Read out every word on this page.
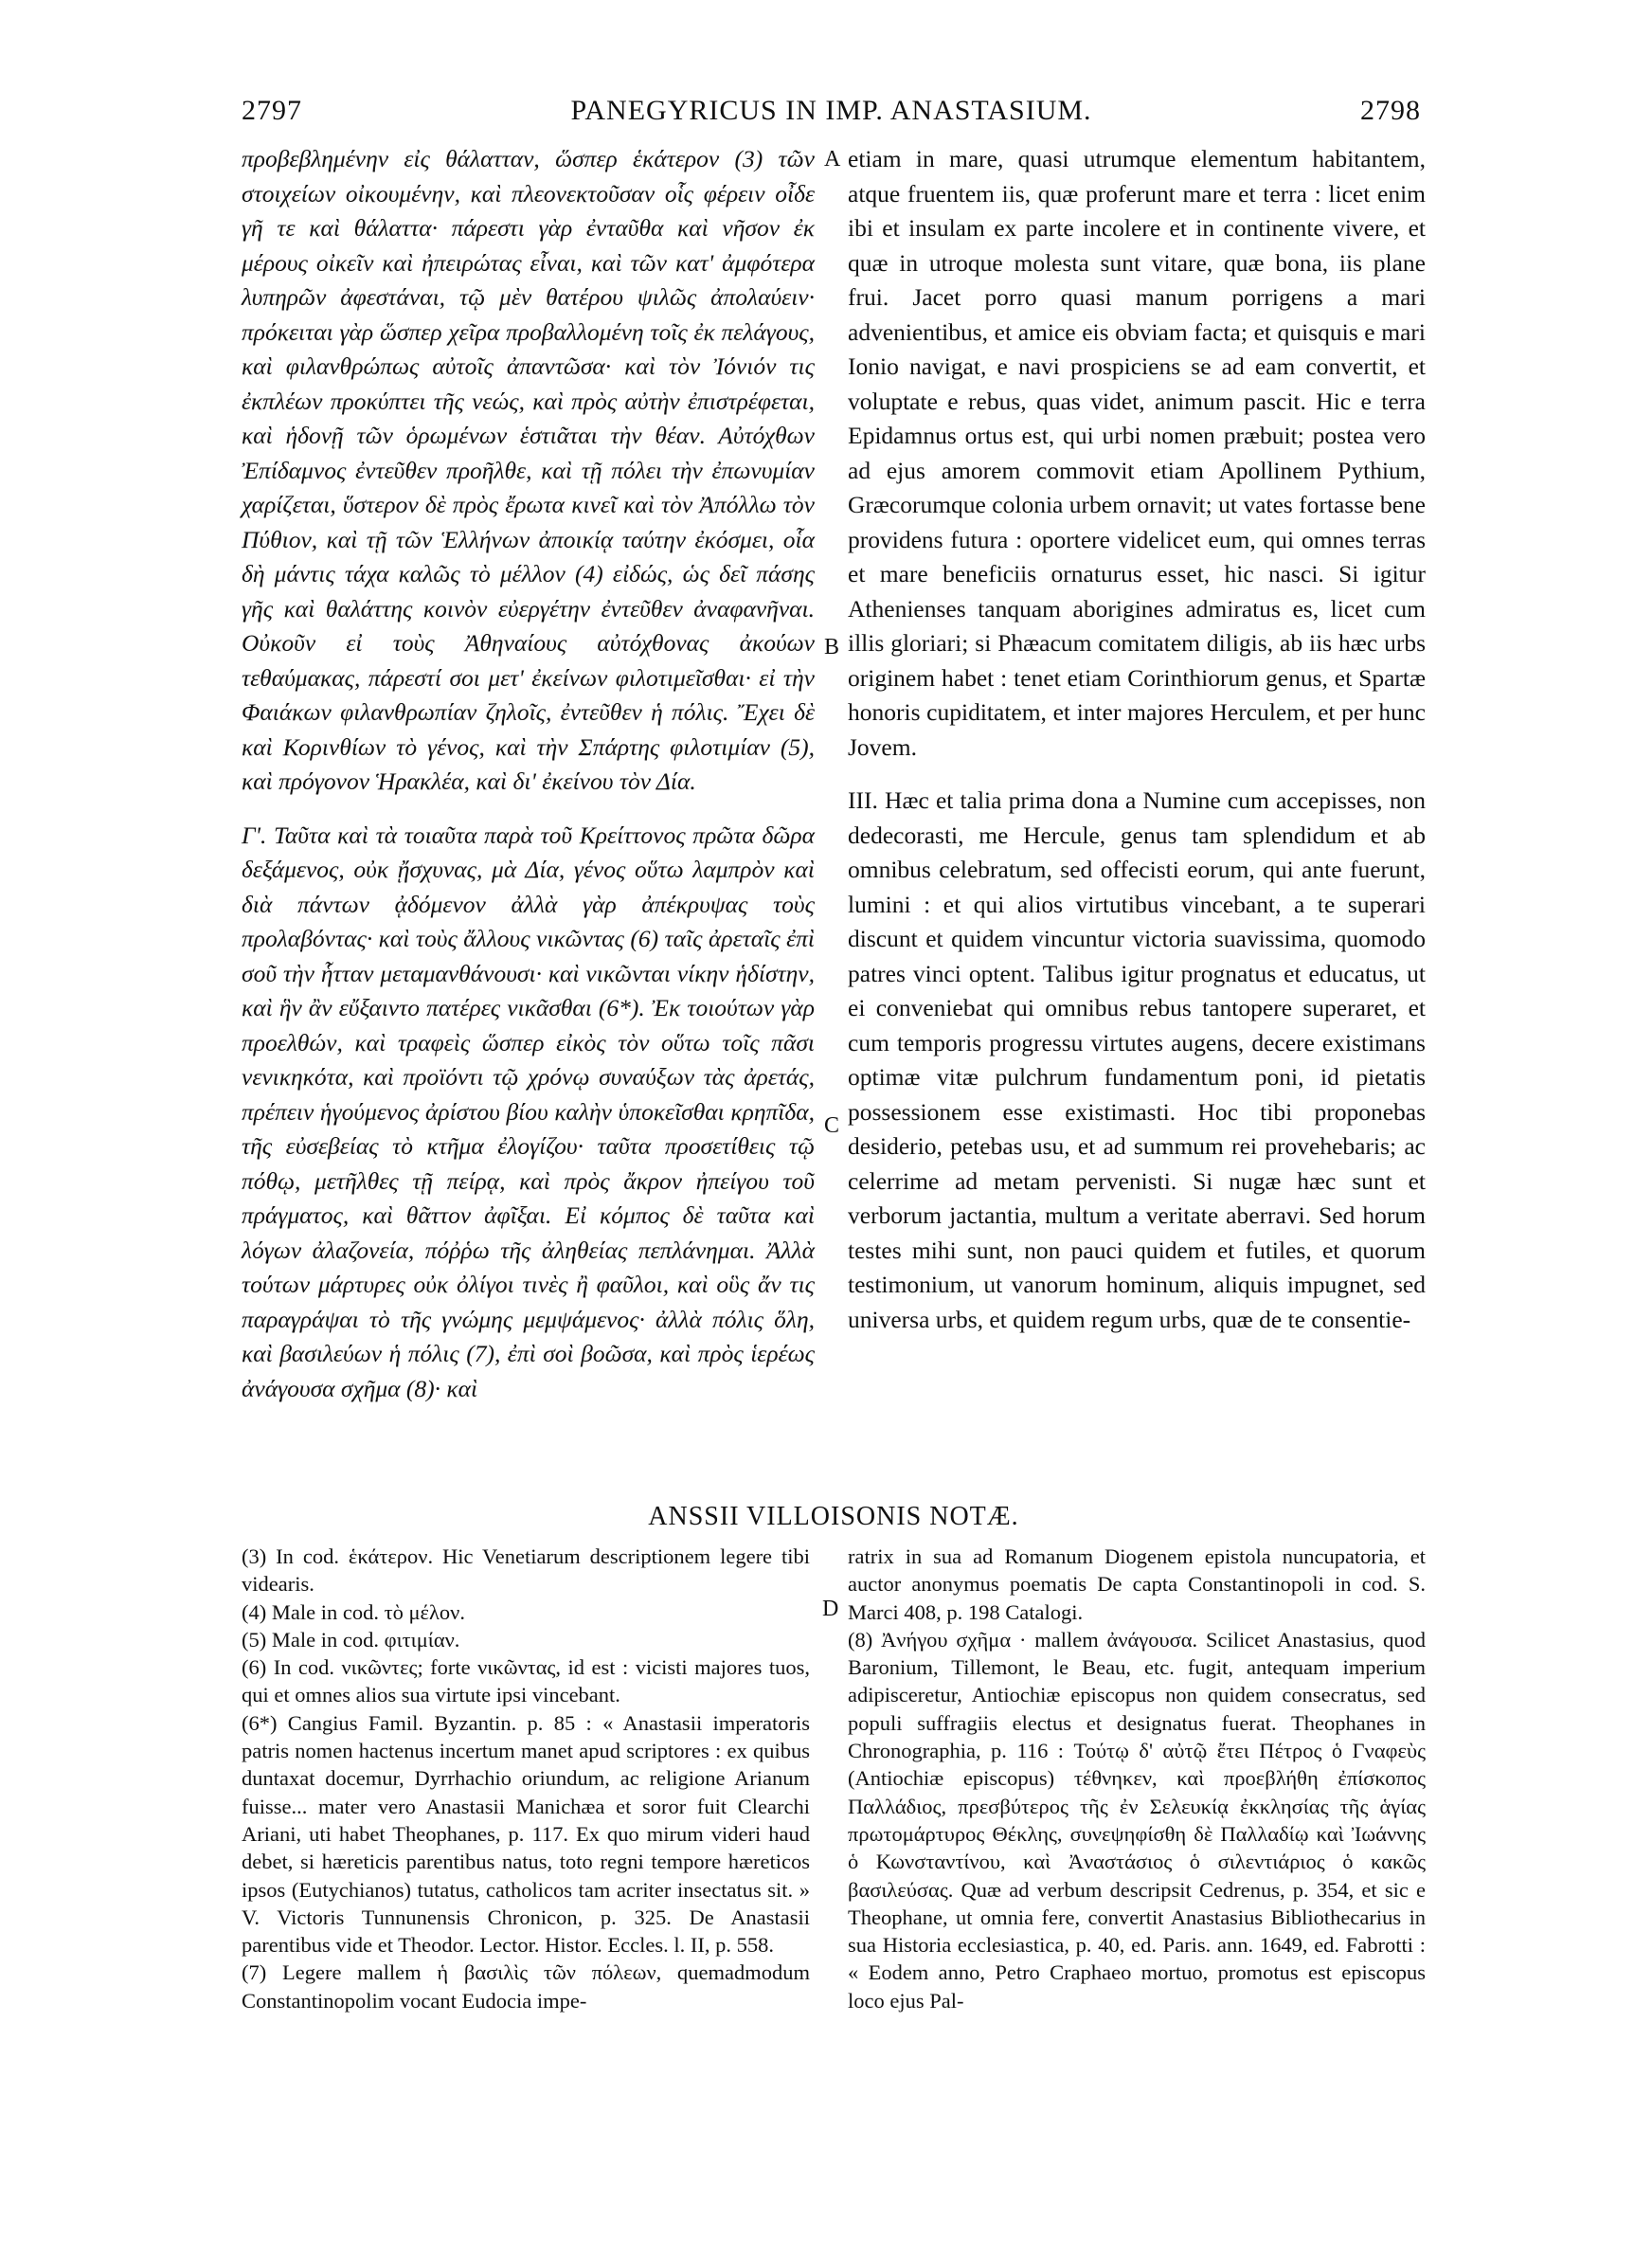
2797	PANEGYRICUS IN IMP. ANASTASIUM.	2798

προβεβλημένην εἰς θάλατταν, ὥσπερ ἑκάτερον (3) τῶν στοιχείων οἰκουμένην, καὶ πλεονεκτοῦσαν οἷς φέρειν οἶδε γῆ τε καὶ θάλαττα· πάρεστι γὰρ ἐνταῦθα καὶ νῆσον ἐκ μέρους οἰκεῖν καὶ ἠπειρώτας εἶναι, καὶ τῶν κατ' ἀμφότερα λυπηρῶν ἀφεστάναι, τῷ μὲν θατέρου ψιλῶς ἀπολαύειν· πρόκειται γὰρ ὥσπερ χεῖρα προβαλλομένη τοῖς ἐκ πελάγους, καὶ φιλανθρώπως αὐτοῖς ἀπαντῶσα· καὶ τὸν Ἰόνιόν τις ἐκπλέων προκύπτει τῆς νεώς, καὶ πρὸς αὐτὴν ἐπιστρέφεται, καὶ ἡδονῇ τῶν ὁρωμένων ἑστιᾶται τὴν θέαν. Αὐτόχθων Ἐπίδαμνος ἐντεῦθεν προῆλθε, καὶ τῇ πόλει τὴν ἐπωνυμίαν χαρίζεται, ὕστερον δὲ πρὸς ἔρωτα κινεῖ καὶ τὸν Ἀπόλλω τὸν Πύθιον, καὶ τῇ τῶν Ἑλλήνων ἀποικίᾳ ταύτην ἐκόσμει, οἷα δὴ μάντις τάχα καλῶς τὸ μέλλον (4) εἰδώς, ὡς δεῖ πάσης γῆς καὶ θαλάττης κοινὸν εὐεργέτην ἐντεῦθεν ἀναφανῆναι. Οὐκοῦν εἰ τοὺς Ἀθηναίους αὐτόχθονας ἀκούων τεθαύμακας, πάρεστί σοι μετ' ἐκείνων φιλοτιμεῖσθαι· εἰ τὴν Φαιάκων φιλανθρωπίαν ζηλοῖς, ἐντεῦθεν ἡ πόλις. Ἔχει δὲ καὶ Κορινθίων τὸ γένος, καὶ τὴν Σπάρτης φιλοτιμίαν (5), καὶ πρόγονον Ἡρακλέα, καὶ δι' ἐκείνου τὸν Δία.

Γʹ. Ταῦτα καὶ τὰ τοιαῦτα παρὰ τοῦ Κρείττονος πρῶτα δῶρα δεξάμενος, οὐκ ᾔσχυνας, μὰ Δία, γένος οὕτω λαμπρὸν καὶ διὰ πάντων ᾀδόμενον ἀλλὰ γὰρ ἀπέκρυψας τοὺς προλαβόντας· καὶ τοὺς ἄλλους νικῶντας (6) ταῖς ἀρεταῖς ἐπὶ σοῦ τὴν ἧτταν μεταμανθάνουσι· καὶ νικῶνται νίκην ἡδίστην, καὶ ἣν ἂν εὔξαιντο πατέρες νικᾶσθαι (6*). Ἐκ τοιούτων γὰρ προελθών, καὶ τραφεὶς ὥσπερ εἰκὸς τὸν οὕτω τοῖς πᾶσι νενικηκότα, καὶ προϊόντι τῷ χρόνῳ συναύξων τὰς ἀρετάς, πρέπειν ἡγούμενος ἀρίστου βίου καλὴν ὑποκεῖσθαι κρηπῖδα, τῆς εὐσεβείας τὸ κτῆμα ἐλογίζου· ταῦτα προσετίθεις τῷ πόθῳ, μετῆλθες τῇ πείρᾳ, καὶ πρὸς ἄκρον ἠπείγου τοῦ πράγματος, καὶ θᾶττον ἀφῖξαι. Εἰ κόμπος δὲ ταῦτα καὶ λόγων ἀλαζονεία, πόῤῥω τῆς ἀληθείας πεπλάνημαι. Ἀλλὰ τούτων μάρτυρες οὐκ ὀλίγοι τινὲς ἢ φαῦλοι, καὶ οὓς ἄν τις παραγράψαι τὸ τῆς γνώμης μεμψάμενος· ἀλλὰ πόλις ὅλη, καὶ βασιλεύων ἡ πόλις (7), ἐπὶ σοὶ βοῶσα, καὶ πρὸς ἱερέως ἀνάγουσα σχῆμα (8)· καὶ

A
B
C
D

etiam in mare, quasi utrumque elementum habitantem, atque fruentem iis, quæ proferunt mare et terra : licet enim ibi et insulam ex parte incolere et in continente vivere, et quæ in utroque molesta sunt vitare, quæ bona, iis plane frui. Jacet porro quasi manum porrigens a mari advenientibus, et amice eis obviam facta; et quisquis e mari Ionio navigat, e navi prospiciens se ad eam convertit, et voluptate e rebus, quas videt, animum pascit. Hic e terra Epidamnus ortus est, qui urbi nomen præbuit; postea vero ad ejus amorem commovit etiam Apollinem Pythium, Græcorumque colonia urbem ornavit; ut vates fortasse bene providens futura : oportere videlicet eum, qui omnes terras et mare beneficiis ornaturus esset, hic nasci. Si igitur Athenienses tanquam aborigines admiratus es, licet cum illis gloriari; si Phæacum comitatem diligis, ab iis hæc urbs originem habet : tenet etiam Corinthiorum genus, et Spartæ honoris cupiditatem, et inter majores Herculem, et per hunc Jovem.

III. Hæc et talia prima dona a Numine cum accepisses, non dedecorasti, me Hercule, genus tam splendidum et ab omnibus celebratum, sed offecisti eorum, qui ante fuerunt, lumini : et qui alios virtutibus vincebant, a te superari discunt et quidem vincuntur victoria suavissima, quomodo patres vinci optent. Talibus igitur prognatus et educatus, ut ei conveniebat qui omnibus rebus tantopere superaret, et cum temporis progressu virtutes augens, decere existimans optimæ vitæ pulchrum fundamentum poni, id pietatis possessionem esse existimasti. Hoc tibi proponebas desiderio, petebas usu, et ad summum rei provehebaris; ac celerrime ad metam pervenisti. Si nugæ hæc sunt et verborum jactantia, multum a veritate aberravi. Sed horum testes mihi sunt, non pauci quidem et futiles, et quorum testimonium, ut vanorum hominum, aliquis impugnet, sed universa urbs, et quidem regum urbs, quæ de te consentie-

ANSSII VILLOISONIS NOTÆ.

(3) In cod. ἑκάτερον. Hic Venetiarum descriptionem legere tibi videaris.

(4) Male in cod. τὸ μέλον.

(5) Male in cod. φιτιμίαν.

(6) In cod. νικῶντες; forte νικῶντας, id est : vicisti majores tuos, qui et omnes alios sua virtute ipsi vincebant.

(6*) Cangius Famil. Byzantin. p. 85 : « Anastasii imperatoris patris nomen hactenus incertum manet apud scriptores : ex quibus duntaxat docemur, Dyrrhachio oriundum, ac religione Arianum fuisse... mater vero Anastasii Manichæa et soror fuit Clearchi Ariani, uti habet Theophanes, p. 117. Ex quo mirum videri haud debet, si hæreticis parentibus natus, toto regni tempore hæreticos ipsos (Eutychianos) tutatus, catholicos tam acriter insectatus sit. » V. Victoris Tunnunensis Chronicon, p. 325. De Anastasii parentibus vide et Theodor. Lector. Histor. Eccles. l. II, p. 558.

(7) Legere mallem ἡ βασιλὶς τῶν πόλεων, quemadmodum Constantinopolim vocant Eudocia impe-

ratrix in sua ad Romanum Diogenem epistola nuncupatoria, et auctor anonymus poematis De capta Constantinopoli in cod. S. Marci 408, p. 198 Catalogi.

(8) Ἀνήγου σχῆμα · mallem ἀνάγουσα. Scilicet Anastasius, quod Baronium, Tillemont, le Beau, etc. fugit, antequam imperium adipisceretur, Antiochiæ episcopus non quidem consecratus, sed populi suffragiis electus et designatus fuerat. Theophanes in Chronographia, p. 116 : Τούτῳ δ' αὐτῷ ἔτει Πέτρος ὁ Γναφεὺς (Antiochiæ episcopus) τέθνηκεν, καὶ προεβλήθη ἐπίσκοπος Παλλάδιος, πρεσβύτερος τῆς ἐν Σελευκίᾳ ἐκκλησίας τῆς ἁγίας πρωτομάρτυρος Θέκλης, συνεψηφίσθη δὲ Παλλαδίῳ καὶ Ἰωάννης ὁ Κωνσταντίνου, καὶ Ἀναστάσιος ὁ σιλεντιάριος ὁ κακῶς βασιλεύσας. Quæ ad verbum descripsit Cedrenus, p. 354, et sic e Theophane, ut omnia fere, convertit Anastasius Bibliothecarius in sua Historia ecclesiastica, p. 40, ed. Paris. ann. 1649, ed. Fabrotti : « Eodem anno, Petro Craphaeo mortuo, promotus est episcopus loco ejus Pal-
